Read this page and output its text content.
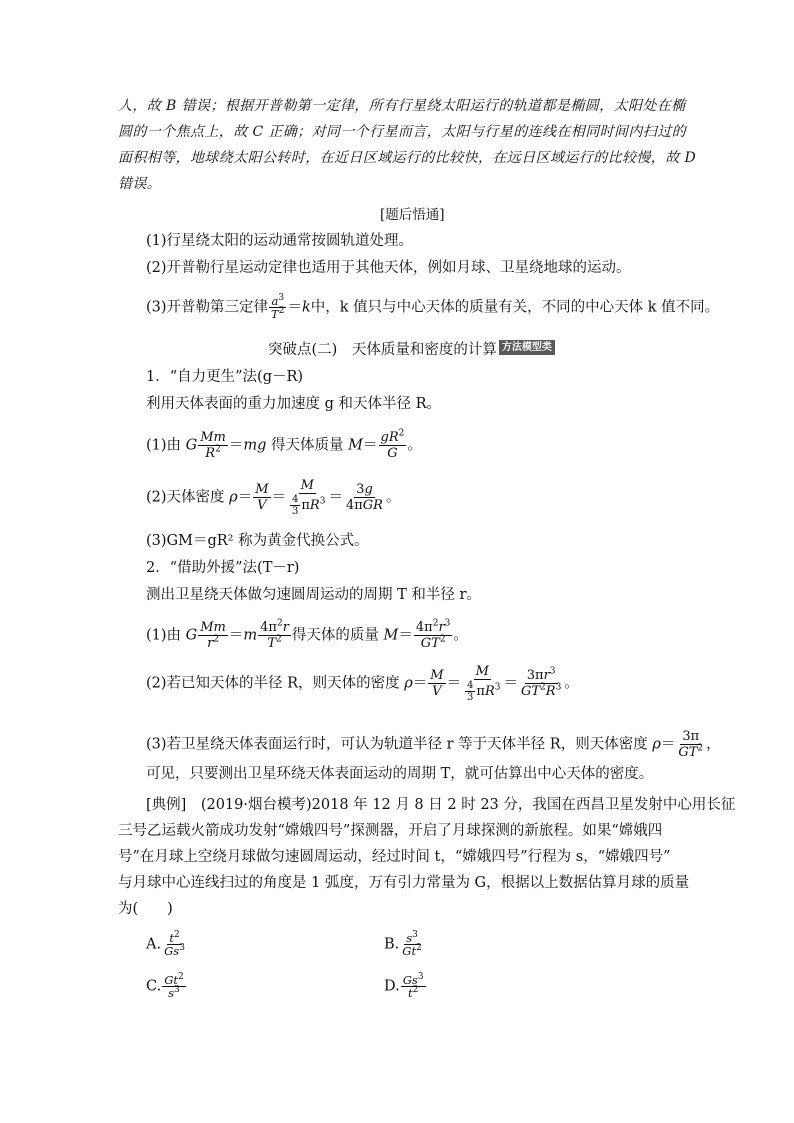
人，故 B 错误；根据开普勒第一定律，所有行星绕太阳运行的轨道都是椭圆，太阳处在椭
圆的一个焦点上，故 C 正确；对同一个行星而言，太阳与行星的连线在相同时间内扫过的
面积相等，地球绕太阳公转时，在近日区域运行的比较快，在远日区域运行的比较慢，故 D
错误。
[题后悟通]
(1)行星绕太阳的运动通常按圆轨道处理。
(2)开普勒行星运动定律也适用于其他天体，例如月球、卫星绕地球的运动。
(3)开普勒第三定律 $\frac{a^3}{T^2} =k$中，k 值只与中心天体的质量有关，不同的中心天体 k 值不同。
突破点(二)　天体质量和密度的计算 方法模型类
1．“自力更生”法(g－R)
利用天体表面的重力加速度 g 和天体半径 R。
(1)由 G $\frac{Mm}{R^2} =mg$ 得天体质量 $M= \frac{gR^2}{G}$ 。
(2)天体密度 $\rho= \frac{M}{V} = \frac{M}{\frac{4}{3} \pi R^3} = \frac{3g}{\text{4πGR}}$ 。
(3)GM＝gR² 称为黄金代换公式。
2．“借助外援”法(T－r)
测出卫星绕天体做匀速圆周运动的周期 T 和半径 r。
(1)由 G $\frac{Mm}{r^2} =m \frac{4\pi^2r}{T^2}$ 得天体的质量 $M= \frac{4\pi^2r^3}{GT^2}$ 。
(2)若已知天体的半径 R，则天体的密度 $\rho= \frac{M}{V} = \frac{M}{\frac{4}{3} \pi R^3} = \frac{3\pi r^3}{GT^2R^3}$ 。
(3)若卫星绕天体表面运行时，可认为轨道半径 r 等于天体半径 R，则天体密度 $\rho= \frac{3\pi}{GT^2}$ ，
可见，只要测出卫星环绕天体表面运动的周期 T，就可估算出中心天体的密度。
[典例]　(2019·烟台模考)2018 年 12 月 8 日 2 时 23 分，我国在西昌卫星发射中心用长征
三号乙运载火箭成功发射“嫦娥四号”探测器，开启了月球探测的新旅程。如果“嫦娥四
号”在月球上空绕月球做匀速圆周运动，经过时间 t，“嫦娥四号”行程为 s，“嫦娥四号”
与月球中心连线扫过的角度是 1 弧度，万有引力常量为 G，根据以上数据估算月球的质量
为(　　)
A. $\frac{t^2}{Gs^3}$	B. $\frac{s^3}{Gt^2}$
C. $\frac{Gt^2}{s^3}$	D. $\frac{Gs^3}{t^2}$
